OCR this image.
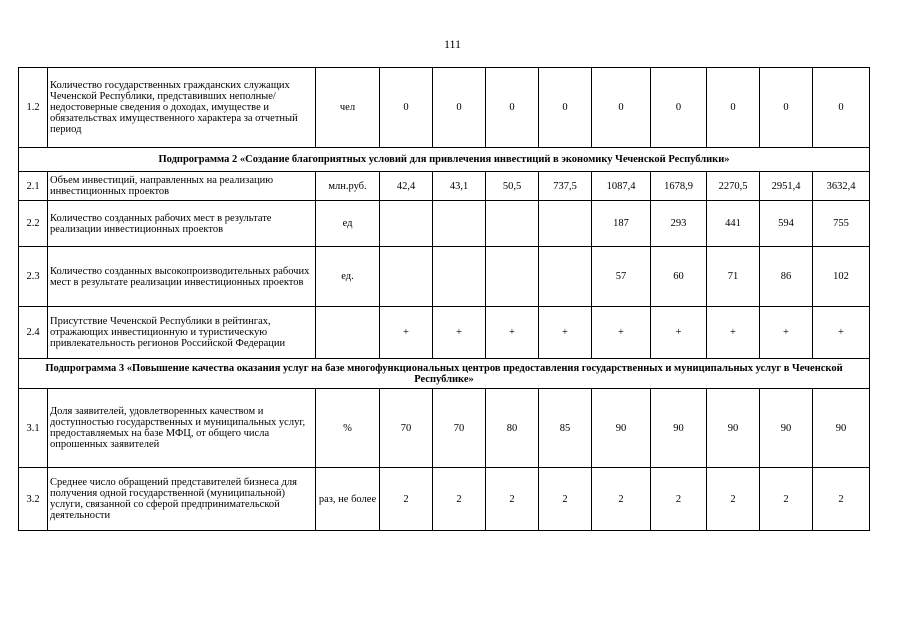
111
1.2	Количество государственных гражданских служащих Чеченской Республики, представивших неполные/недостоверные сведения о доходах, имуществе и обязательствах имущественного характера за отчетный период	чел	0	0	0	0	0	0	0	0	0
Подпрограмма 2 «Создание благоприятных условий для привлечения инвестиций в экономику Чеченской Республики»											
2.1	Объем инвестиций, направленных на реализацию инвестиционных проектов	млн.руб.	42,4	43,1	50,5	737,5	1087,4	1678,9	2270,5	2951,4	3632,4
2.2	Количество созданных рабочих мест в результате реализации инвестиционных проектов	ед					187	293	441	594	755
2.3	Количество созданных высокопроизводительных рабочих мест в результате реализации инвестиционных проектов	ед.					57	60	71	86	102
2.4	Присутствие Чеченской Республики в рейтингах, отражающих инвестиционную и туристическую привлекательность регионов Российской Федерации		+	+	+	+	+	+	+	+	+
Подпрограмма 3 «Повышение качества оказания услуг на базе многофункциональных центров предоставления государственных и муниципальных услуг в Чеченской Республике»											
3.1	Доля заявителей, удовлетворенных качеством и доступностью государственных и муниципальных услуг, предоставляемых на базе МФЦ, от общего числа опрошенных заявителей	%	70	70	80	85	90	90	90	90	90
3.2	Среднее число обращений представителей бизнеса для получения одной государственной (муниципальной) услуги, связанной со сферой предпринимательской деятельности	раз, не более	2	2	2	2	2	2	2	2	2
